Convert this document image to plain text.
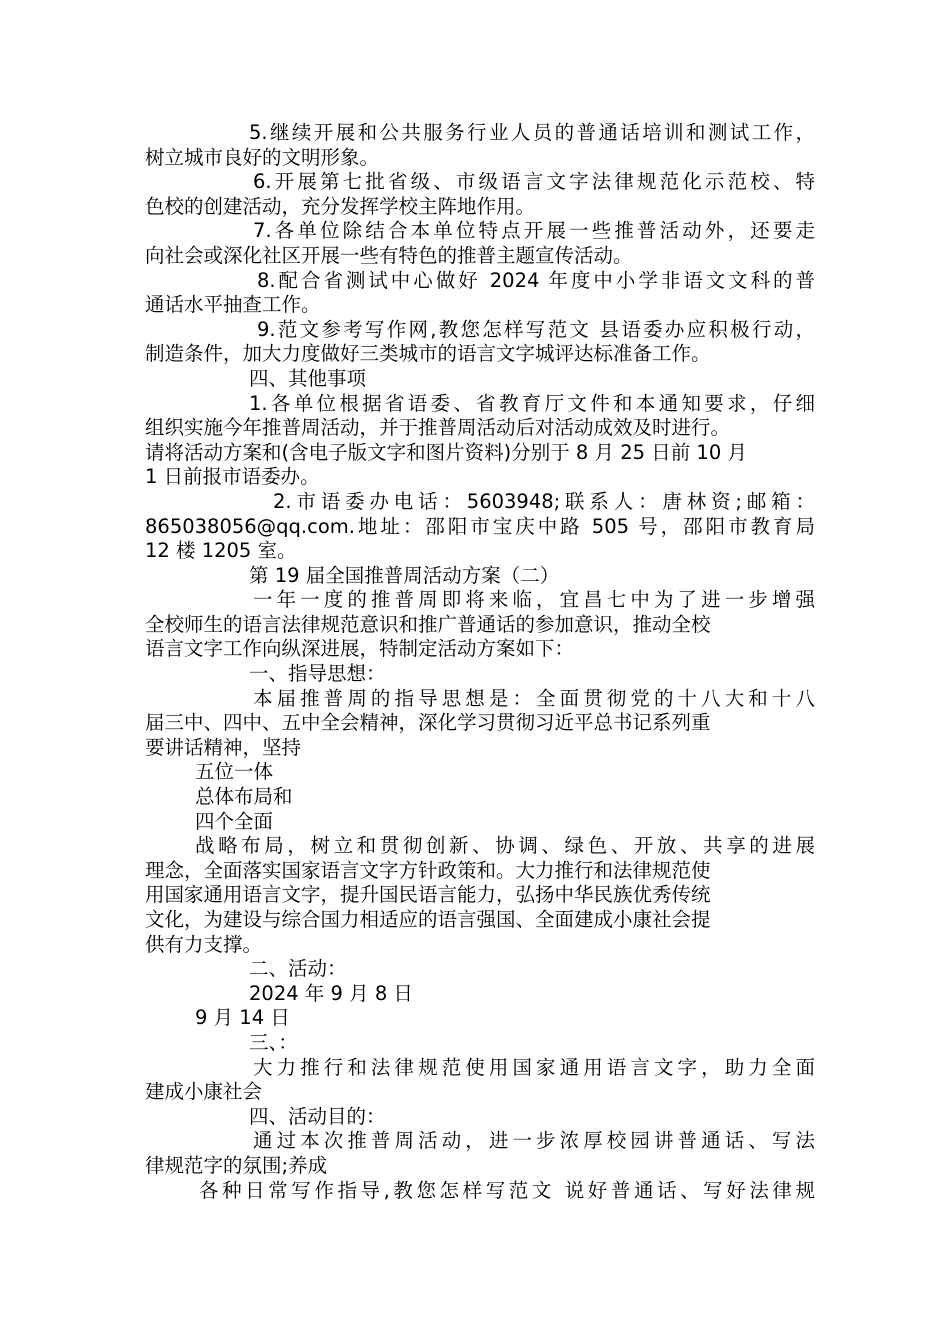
5.继续开展和公共服务行业人员的普通话培训和测试工作，
树立城市良好的文明形象。
6.开展第七批省级、市级语言文字法律规范化示范校、特
色校的创建活动，充分发挥学校主阵地作用。
7.各单位除结合本单位特点开展一些推普活动外，还要走
向社会或深化社区开展一些有特色的推普主题宣传活动。
8.配合省测试中心做好 2024 年度中小学非语文文科的普
通话水平抽查工作。
9.范文参考写作网,教您怎样写范文 县语委办应积极行动，
制造条件，加大力度做好三类城市的语言文字城评达标准备工作。
四、其他事项
1.各单位根据省语委、省教育厅文件和本通知要求，仔细
组织实施今年推普周活动，并于推普周活动后对活动成效及时进行。
请将活动方案和(含电子版文字和图片资料)分别于 8 月 25 日前 10 月
1 日前报市语委办。
2.市语委办电话：5603948;联系人：唐林资;邮箱：
865038056@qq.com.地址：邵阳市宝庆中路 505 号，邵阳市教育局
12 楼 1205 室。
第 19 届全国推普周活动方案（二）
一年一度的推普周即将来临，宜昌七中为了进一步增强
全校师生的语言法律规范意识和推广普通话的参加意识，推动全校
语言文字工作向纵深进展，特制定活动方案如下：
一、指导思想：
本届推普周的指导思想是：全面贯彻党的十八大和十八
届三中、四中、五中全会精神，深化学习贯彻习近平总书记系列重
要讲话精神，坚持
五位一体
总体布局和
四个全面
战略布局，树立和贯彻创新、协调、绿色、开放、共享的进展
理念，全面落实国家语言文字方针政策和。大力推行和法律规范使
用国家通用语言文字，提升国民语言能力，弘扬中华民族优秀传统
文化，为建设与综合国力相适应的语言强国、全面建成小康社会提
供有力支撑。
二、活动：
2024 年 9 月 8 日
9 月 14 日
三、：
大力推行和法律规范使用国家通用语言文字，助力全面
建成小康社会
四、活动目的：
通过本次推普周活动，进一步浓厚校园讲普通话、写法
律规范字的氛围;养成
各种日常写作指导,教您怎样写范文 说好普通话、写好法律规
